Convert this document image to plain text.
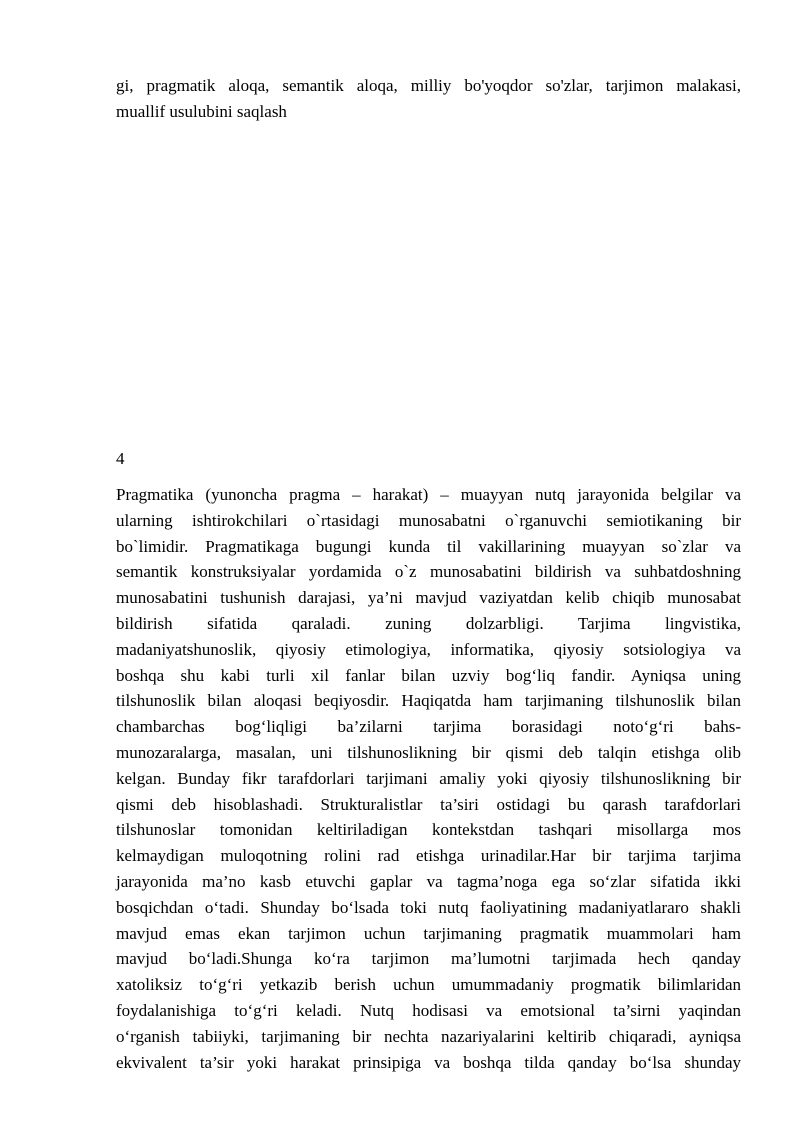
gi, pragmatik aloqa, semantik aloqa, milliy bo'yoqdor so'zlar, tarjimon malakasi,
muallif usulubini saqlash

4

Pragmatika (yunoncha pragma – harakat) – muayyan nutq jarayonida belgilar va
ularning ishtirokchilari o`rtasidagi munosabatni o`rganuvchi semiotikaning bir
bo`limidir. Pragmatikaga bugungi kunda til vakillarining muayyan so`zlar va
semantik konstruksiyalar yordamida o`z munosabatini bildirish va suhbatdoshning
munosabatini tushunish darajasi, ya’ni mavjud vaziyatdan kelib chiqib munosabat
bildirish sifatida qaraladi. zuning dolzarbligi. Tarjima lingvistika,
madaniyatshunoslik, qiyosiy etimologiya, informatika, qiyosiy sotsiologiya va
boshqa shu kabi turli xil fanlar bilan uzviy bog‘liq fandir. Ayniqsa uning
tilshunoslik bilan aloqasi beqiyosdir. Haqiqatda ham tarjimaning tilshunoslik bilan
chambarchas bog‘liqligi ba’zilarni tarjima borasidagi noto‘g‘ri bahs-
munozaralarga, masalan, uni tilshunoslikning bir qismi deb talqin etishga olib
kelgan. Bunday fikr tarafdorlari tarjimani amaliy yoki qiyosiy tilshunoslikning bir
qismi deb hisoblashadi. Strukturalistlar ta’siri ostidagi bu qarash tarafdorlari
tilshunoslar tomonidan keltiriladigan kontekstdan tashqari misollarga mos
kelmaydigan muloqotning rolini rad etishga urinadilar.Har bir tarjima tarjima
jarayonida ma’no kasb etuvchi gaplar va tagma’noga ega so‘zlar sifatida ikki
bosqichdan o‘tadi. Shunday bo‘lsada toki nutq faoliyatining madaniyatlararo shakli
mavjud emas ekan tarjimon uchun tarjimaning pragmatik muammolari ham
mavjud bo‘ladi.Shunga ko‘ra tarjimon ma’lumotni tarjimada hech qanday
xatoliksiz to‘g‘ri yetkazib berish uchun umummadaniy progmatik bilimlaridan
foydalanishiga to‘g‘ri keladi. Nutq hodisasi va emotsional ta’sirni yaqindan
o‘rganish tabiiyki, tarjimaning bir nechta nazariyalarini keltirib chiqaradi, ayniqsa
ekvivalent ta’sir yoki harakat prinsipiga va boshqa tilda qanday bo‘lsa shunday
